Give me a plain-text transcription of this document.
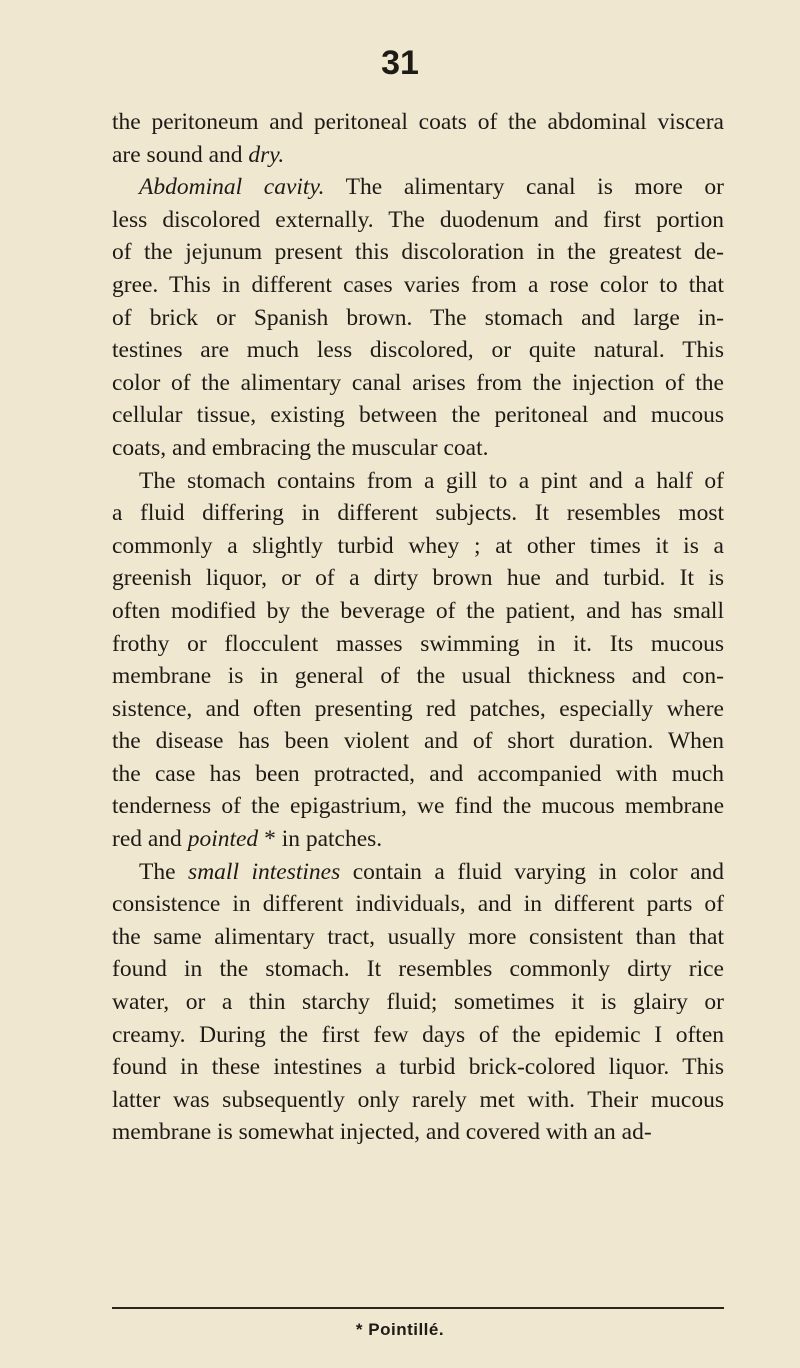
31
the peritoneum and peritoneal coats of the abdominal viscera
are sound and dry.
Abdominal cavity. The alimentary canal is more or
less discolored externally. The duodenum and first portion
of the jejunum present this discoloration in the greatest de-
gree. This in different cases varies from a rose color to that
of brick or Spanish brown. The stomach and large in-
testines are much less discolored, or quite natural. This
color of the alimentary canal arises from the injection of the
cellular tissue, existing between the peritoneal and mucous
coats, and embracing the muscular coat.
The stomach contains from a gill to a pint and a half of
a fluid differing in different subjects. It resembles most
commonly a slightly turbid whey ; at other times it is a
greenish liquor, or of a dirty brown hue and turbid. It is
often modified by the beverage of the patient, and has small
frothy or flocculent masses swimming in it. Its mucous
membrane is in general of the usual thickness and con-
sistence, and often presenting red patches, especially where
the disease has been violent and of short duration. When
the case has been protracted, and accompanied with much
tenderness of the epigastrium, we find the mucous membrane
red and pointed * in patches.
The small intestines contain a fluid varying in color and
consistence in different individuals, and in different parts of
the same alimentary tract, usually more consistent than that
found in the stomach. It resembles commonly dirty rice
water, or a thin starchy fluid; sometimes it is glairy or
creamy. During the first few days of the epidemic I often
found in these intestines a turbid brick-colored liquor. This
latter was subsequently only rarely met with. Their mucous
membrane is somewhat injected, and covered with an ad-
* Pointillé.
